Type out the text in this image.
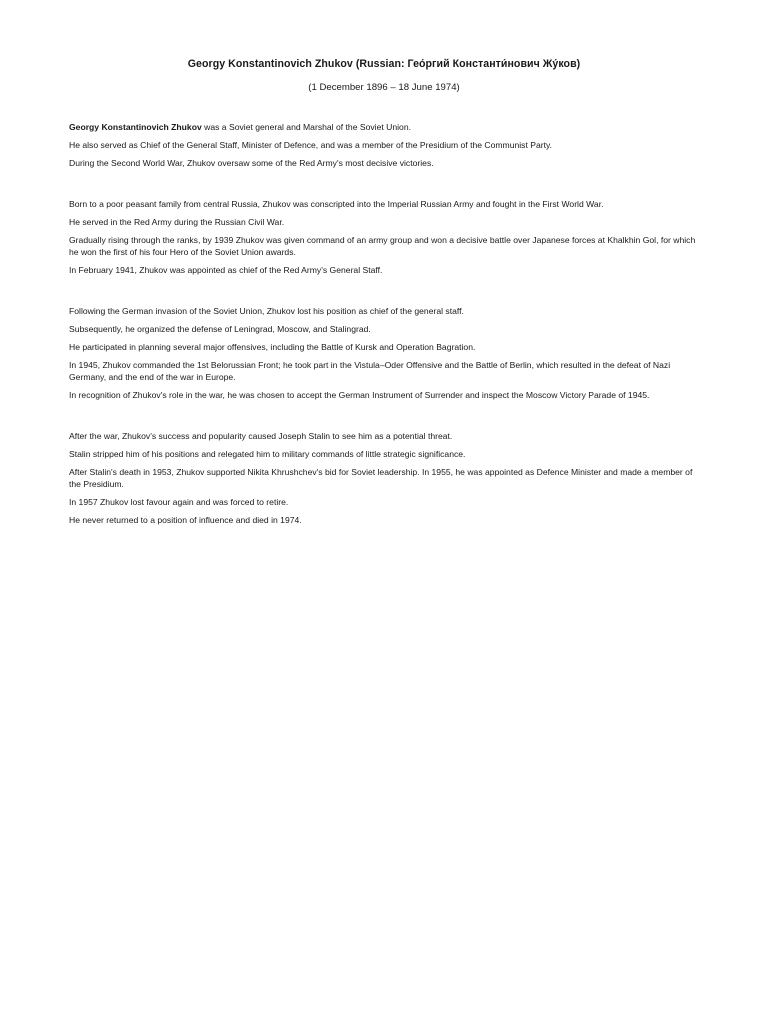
Georgy Konstantinovich Zhukov (Russian: Гео́ргий Константи́нович Жу́ков)
(1 December 1896 – 18 June 1974)

Georgy Konstantinovich Zhukov was a Soviet general and Marshal of the Soviet Union.

He also served as Chief of the General Staff, Minister of Defence, and was a member of the Presidium of the Communist Party.

During the Second World War, Zhukov oversaw some of the Red Army's most decisive victories.

Born to a poor peasant family from central Russia, Zhukov was conscripted into the Imperial Russian Army and fought in the First World War.

He served in the Red Army during the Russian Civil War.

Gradually rising through the ranks, by 1939 Zhukov was given command of an army group and won a decisive battle over Japanese forces at Khalkhin Gol, for which he won the first of his four Hero of the Soviet Union awards.

In February 1941, Zhukov was appointed as chief of the Red Army's General Staff.

Following the German invasion of the Soviet Union, Zhukov lost his position as chief of the general staff.

Subsequently, he organized the defense of Leningrad, Moscow, and Stalingrad.

He participated in planning several major offensives, including the Battle of Kursk and Operation Bagration.

In 1945, Zhukov commanded the 1st Belorussian Front; he took part in the Vistula–Oder Offensive and the Battle of Berlin, which resulted in the defeat of Nazi Germany, and the end of the war in Europe.

In recognition of Zhukov's role in the war, he was chosen to accept the German Instrument of Surrender and inspect the Moscow Victory Parade of 1945.

After the war, Zhukov's success and popularity caused Joseph Stalin to see him as a potential threat.

Stalin stripped him of his positions and relegated him to military commands of little strategic significance.

After Stalin's death in 1953, Zhukov supported Nikita Khrushchev's bid for Soviet leadership. In 1955, he was appointed as Defence Minister and made a member of the Presidium.

In 1957 Zhukov lost favour again and was forced to retire.

He never returned to a position of influence and died in 1974.
